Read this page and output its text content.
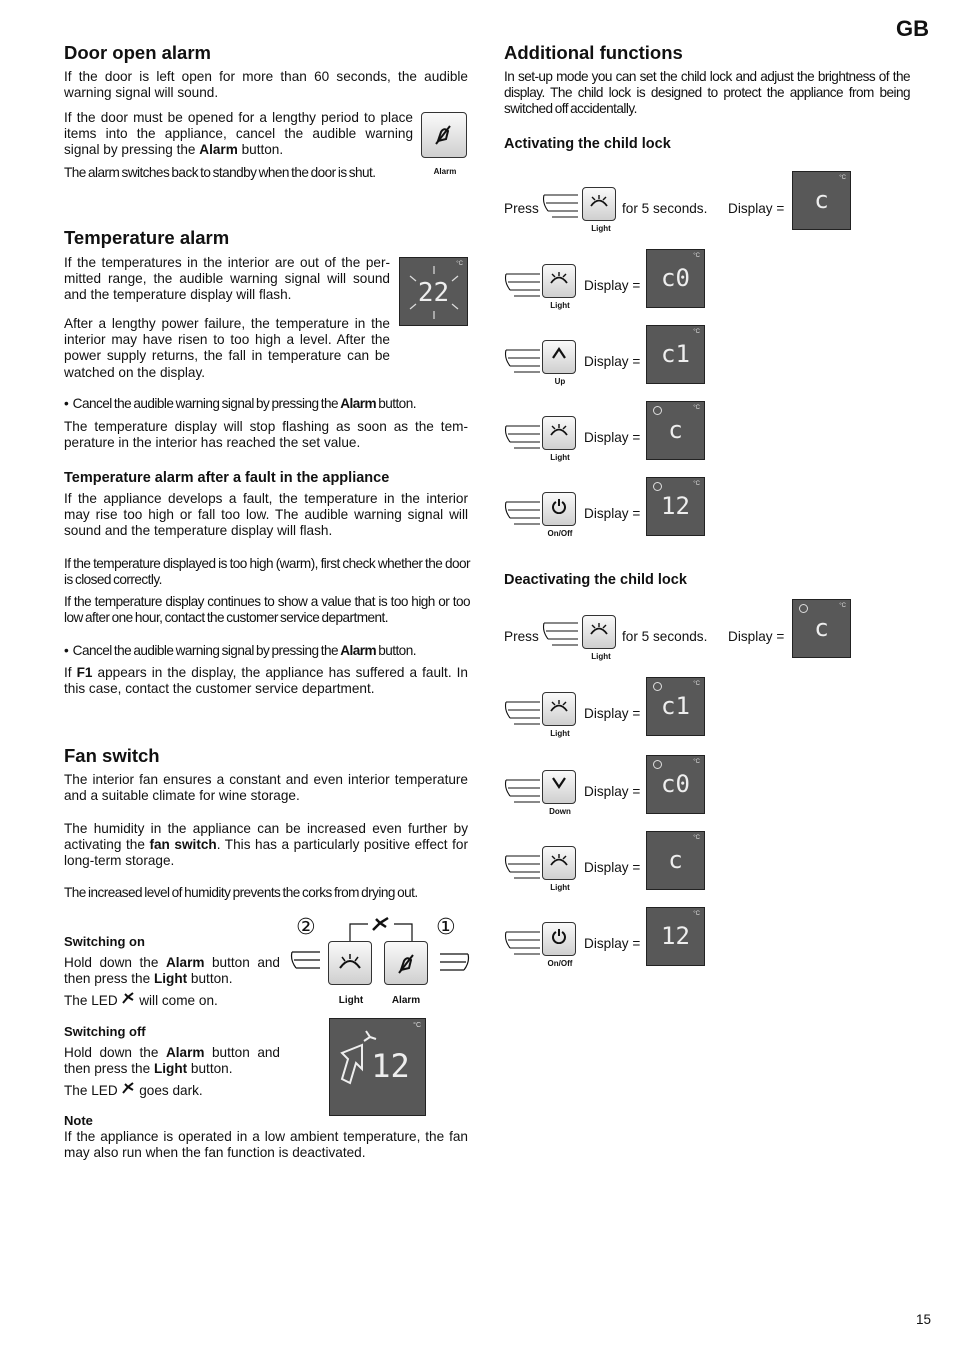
GB
Door open alarm

If the door is left open for more than 60 seconds, the audible warning signal will sound.

If the door must be opened for a lengthy period to place items into the appliance, cancel the audible warning signal by pressing the Alarm button.

The alarm switches back to standby when the door is shut.	Alarm
Temperature alarm

If the temperatures in the interior are out of the per-mitted range, the audible warning signal will sound and the temperature display will flash.

°C
22

After a lengthy power failure, the temperature in the interior may have risen to too high a level. After the power supply returns, the fall in temperature can be watched on the display.

•  Cancel the audible warning signal by pressing the Alarm button.

The temperature display will stop flashing as soon as the tem-perature in the interior has reached the set value.

Temperature alarm after a fault in the appliance

If the appliance develops a fault, the temperature in the interior may rise too high or fall too low. The audible warning signal will sound and the temperature display will flash.

If the temperature displayed is too high (warm), first check whether the door is closed correctly.

If the temperature display continues to show a value that is too high or too low after one hour, contact the customer service department.

•  Cancel the audible warning signal by pressing the Alarm button.

If F1 appears in the display, the appliance has suffered a fault. In this case, contact the customer service department.

Fan switch

The interior fan ensures a constant and even interior temperature and a suitable climate for wine storage.

The humidity in the appliance can be increased even further by activating the fan switch. This has a particularly positive effect for long-term storage.

The increased level of humidity prevents the corks from drying out.

Switching on

Hold down the Alarm button and then press the Light button.

The LED will come on.
Switching off

Hold down the Alarm button and then press the Light button.

The LED goes dark.
Note

If the appliance is operated in a low ambient temperature, the fan may also run when the fan function is deactivated.

②	①
Light	Alarm
°C
12
Additional functions

In set-up mode you can set the child lock and adjust the brightness of the display. The child lock is designed to protect the appliance from being switched off accidentally.

Activating the child lock
Deactivating the child lock
Press
Light
for 5 seconds. Display =
°C
c
Light
Display =
°C
c0
Up
Display =
°C
c1
Light
Display =
°C
c
On/Off
Display =
°C
12
Press
Light
for 5 seconds. Display =
°C
c
Light
Display =
°C
c1
Down
Display =
°C
c0
Light
Display =
°C
c
On/Off
Display =
°C
12
15
